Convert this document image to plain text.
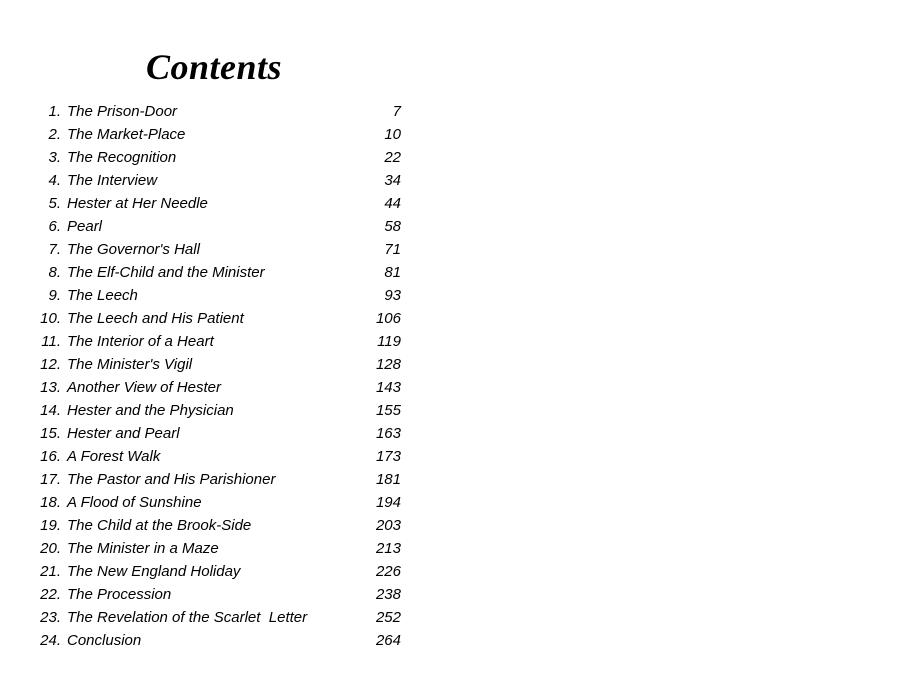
Contents
1. The Prison-Door	7
2. The Market-Place	10
3. The Recognition	22
4. The Interview	34
5. Hester at Her Needle	44
6. Pearl	58
7. The Governor's Hall	71
8. The Elf-Child and the Minister	81
9. The Leech	93
10. The Leech and His Patient	106
11. The Interior of a Heart	119
12. The Minister's Vigil	128
13. Another View of Hester	143
14. Hester and the Physician	155
15. Hester and Pearl	163
16. A Forest Walk	173
17. The Pastor and His Parishioner	181
18. A Flood of Sunshine	194
19. The Child at the Brook-Side	203
20. The Minister in a Maze	213
21. The New England Holiday	226
22. The Procession	238
23. The Revelation of the Scarlet  Letter	252
24. Conclusion	264
